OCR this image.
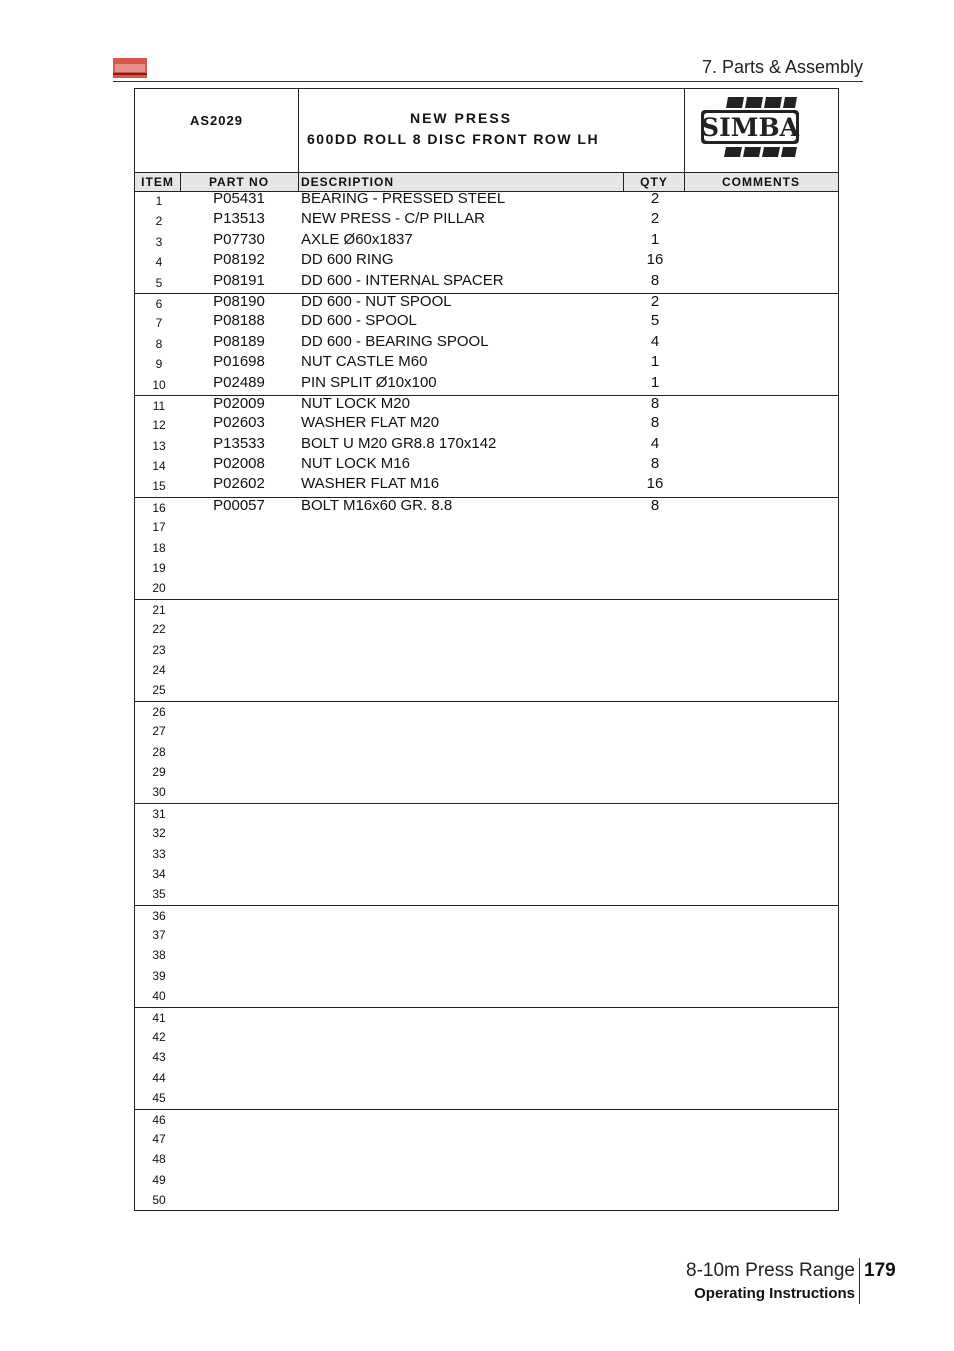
7. Parts & Assembly
AS2029	NEW PRESS
600DD ROLL 8 DISC FRONT ROW LH	SIMBA
ITEM	PART NO	DESCRIPTION	QTY	COMMENTS
1	P05431	BEARING - PRESSED STEEL	2
2	P13513	NEW PRESS - C/P PILLAR	2
3	P07730	AXLE Ø60x1837	1
4	P08192	DD 600 RING	16
5	P08191	DD 600 - INTERNAL SPACER	8
6	P08190	DD 600 - NUT SPOOL	2
7	P08188	DD 600 - SPOOL	5
8	P08189	DD 600 - BEARING SPOOL	4
9	P01698	NUT CASTLE M60	1
10	P02489	PIN SPLIT Ø10x100	1
11	P02009	NUT LOCK M20	8
12	P02603	WASHER FLAT M20	8
13	P13533	BOLT U M20 GR8.8 170x142	4
14	P02008	NUT LOCK M16	8
15	P02602	WASHER FLAT M16	16
16	P00057	BOLT M16x60 GR. 8.8	8
17
18
19
20
21
22
23
24
25
26
27
28
29
30
31
32
33
34
35
36
37
38
39
40
41
42
43
44
45
46
47
48
49
50
8-10m Press Range 179
Operating Instructions
